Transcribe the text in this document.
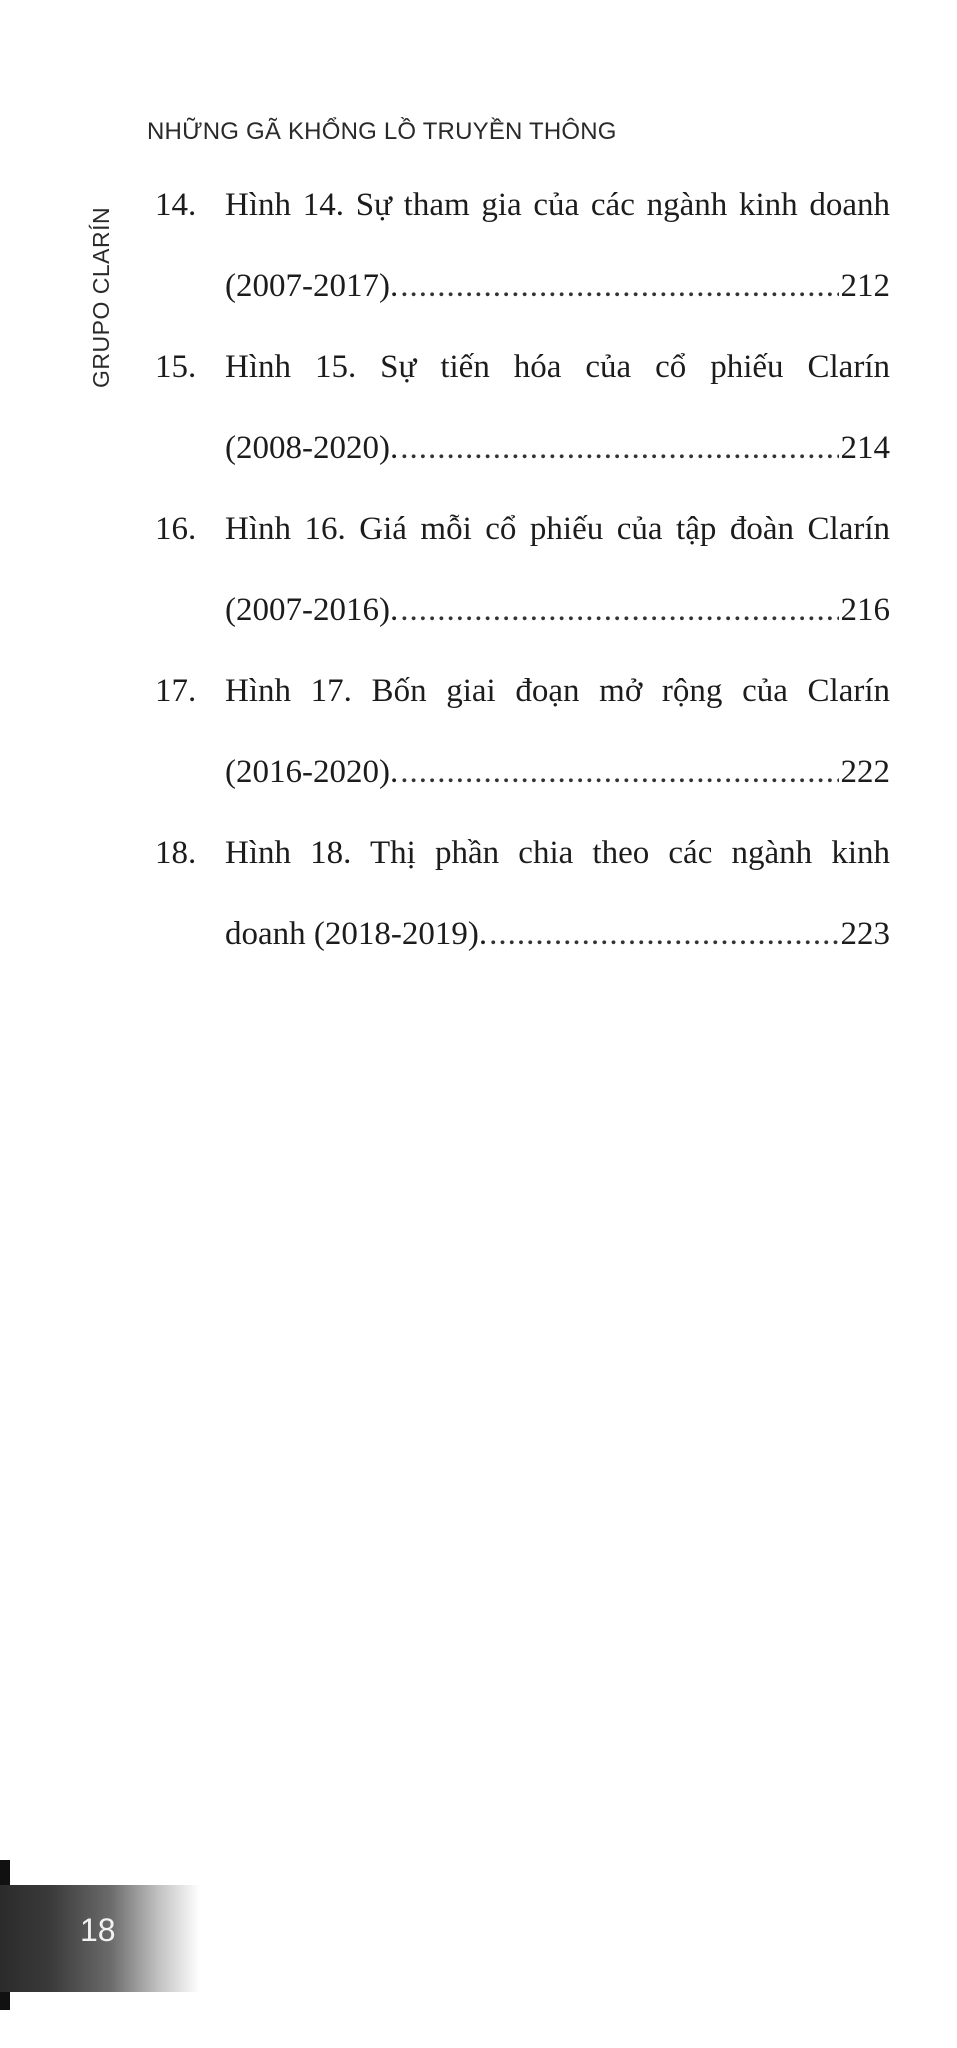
NHỮNG GÃ KHỔNG LỒ TRUYỀN THÔNG
GRUPO CLARÍN
14. Hình 14. Sự tham gia của các ngành kinh doanh
(2007-2017). .....	212
15. Hình 15. Sự tiến hóa của cổ phiếu Clarín
(2008-2020). .....	214
16. Hình 16. Giá mỗi cổ phiếu của tập đoàn Clarín
(2007-2016). .....	216
17. Hình 17. Bốn giai đoạn mở rộng của Clarín
(2016-2020). .....	222
18. Hình 18. Thị phần chia theo các ngành kinh
doanh (2018-2019). .....	223
18
